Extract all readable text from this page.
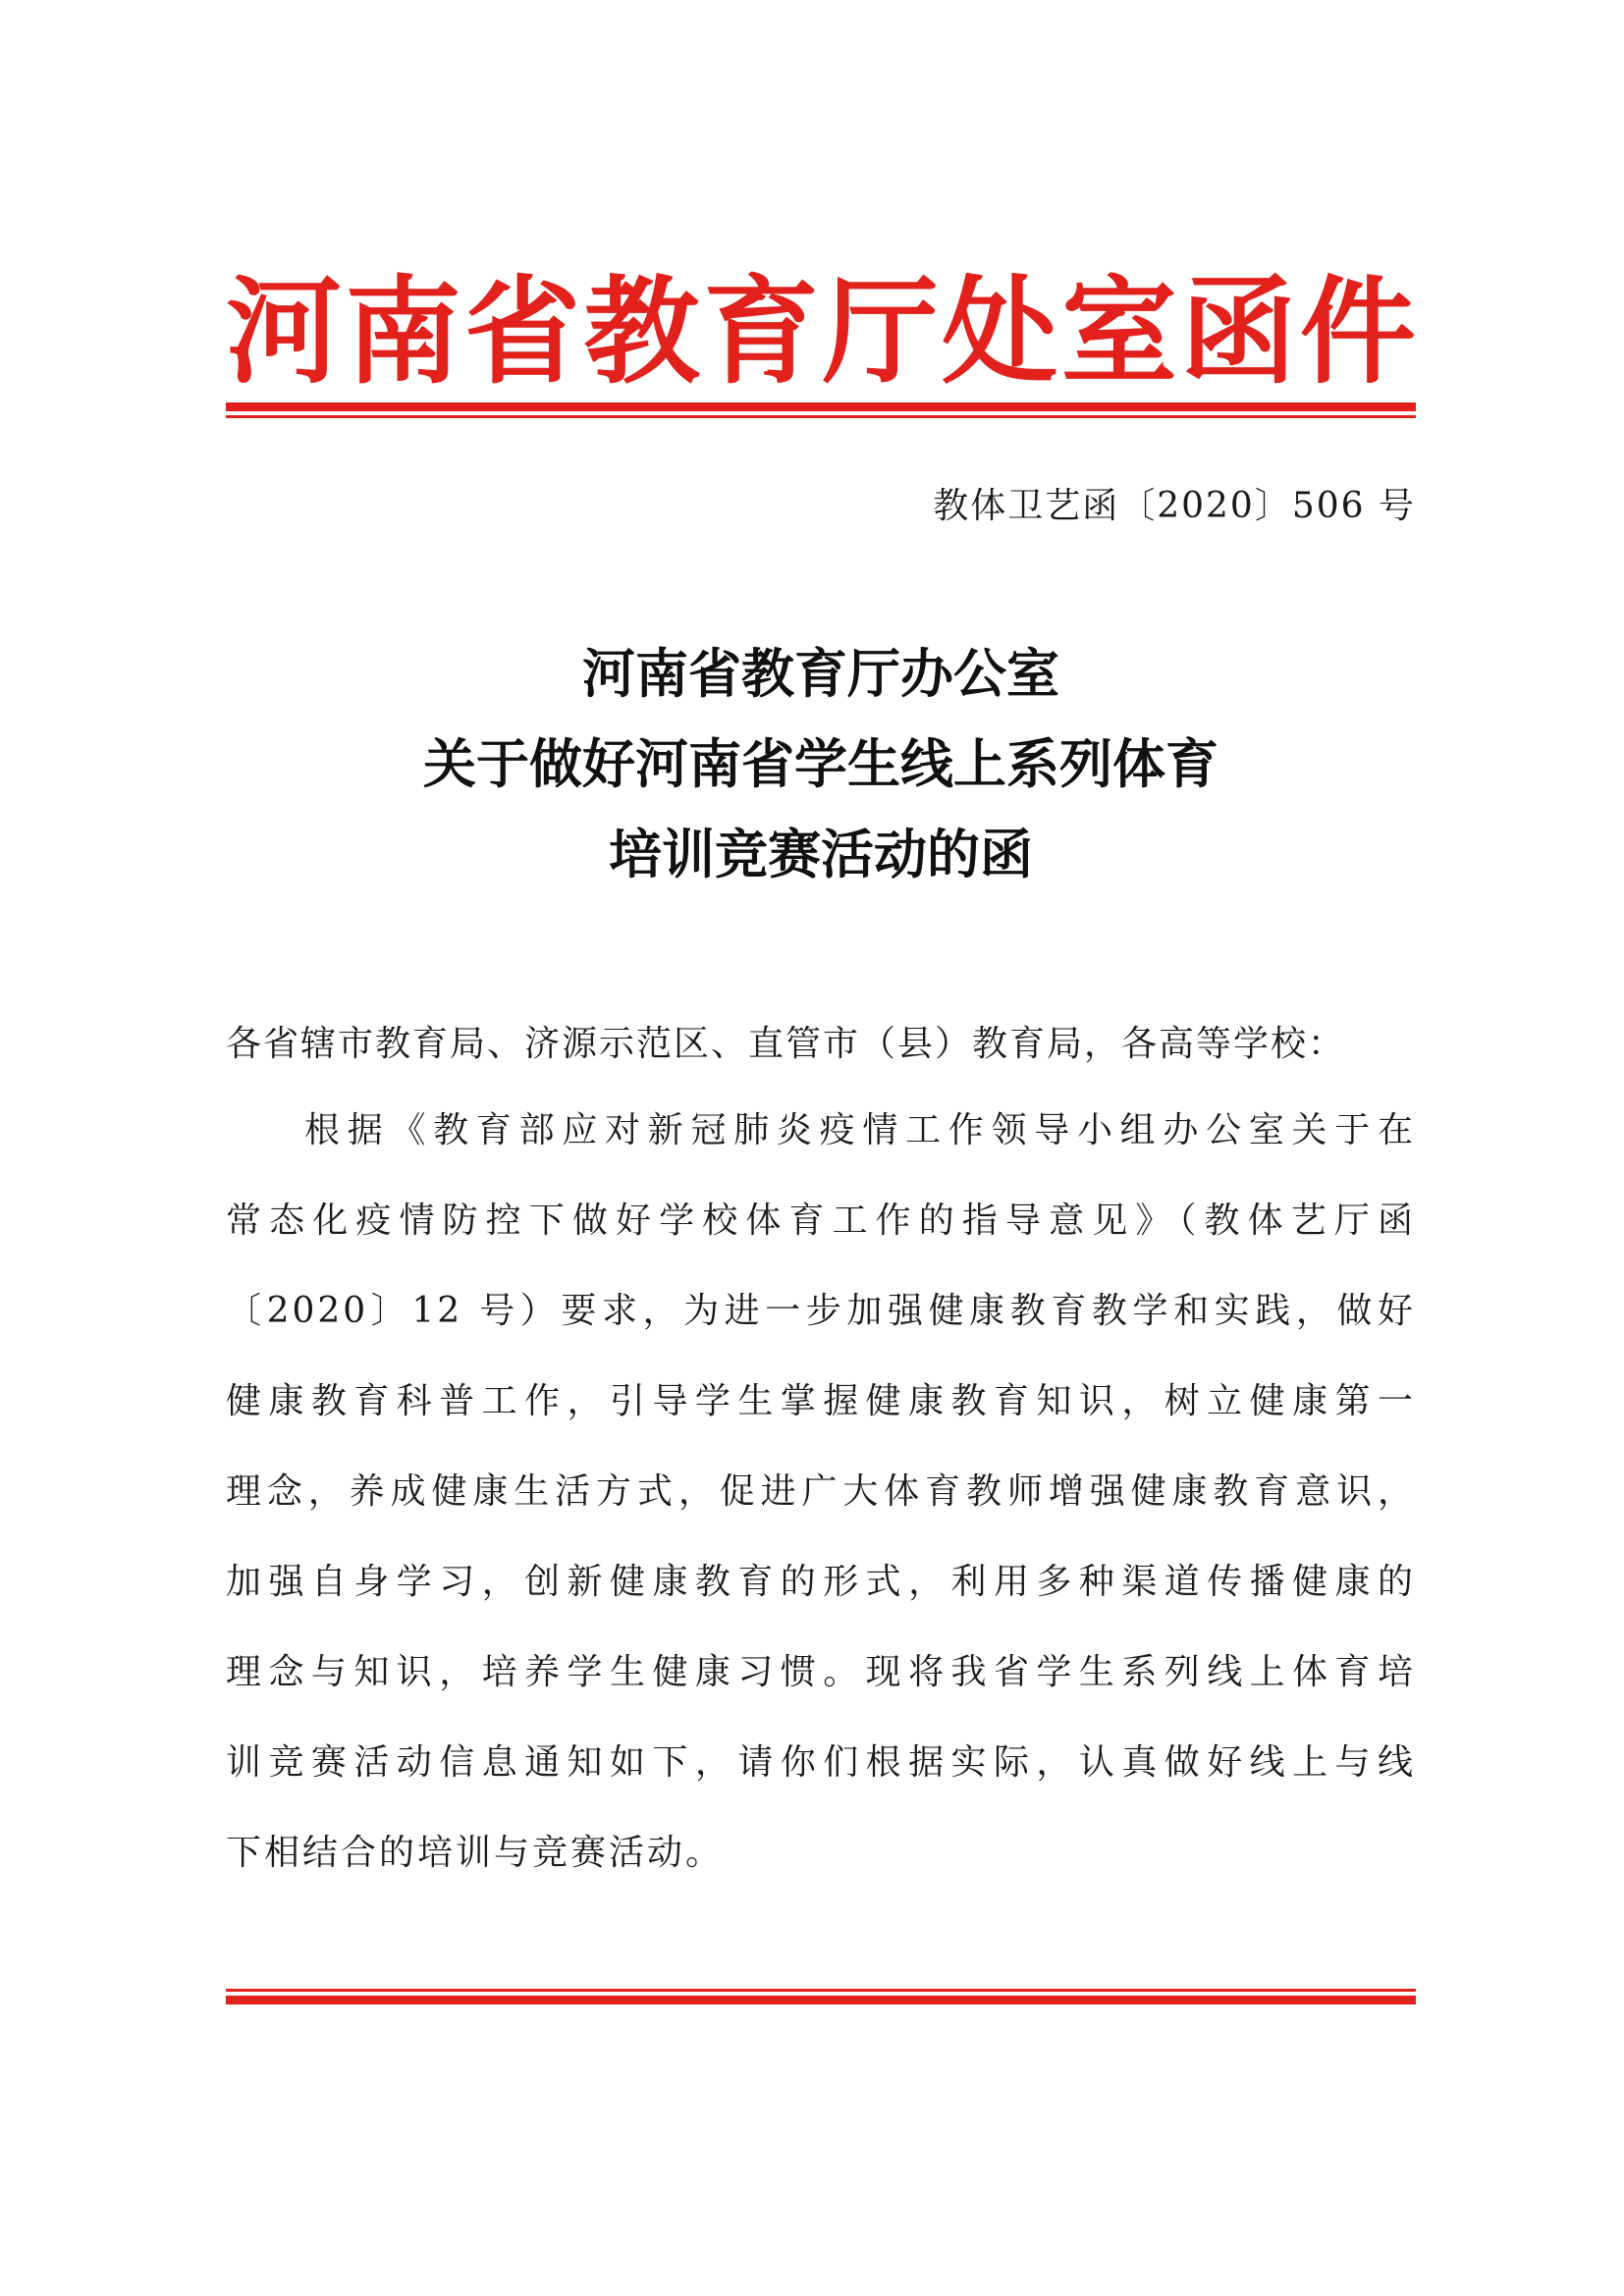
河 南 省 教 育 厅 处 室 函 件
教体卫艺函〔2020〕506 号
河南省教育厅办公室
关于做好河南省学生线上系列体育
培训竞赛活动的函
各省辖市教育局、济源示范区、直管市（县）教育局，各高等学校：
根据《教育部应对新冠肺炎疫情工作领导小组办公室关于在
常态化疫情防控下做好学校体育工作的指导意见》（教体艺厅函
〔2020〕12 号）要求，为进一步加强健康教育教学和实践，做好
健康教育科普工作，引导学生掌握健康教育知识，树立健康第一
理念，养成健康生活方式，促进广大体育教师增强健康教育意识，
加强自身学习，创新健康教育的形式，利用多种渠道传播健康的
理念与知识，培养学生健康习惯。现将我省学生系列线上体育培
训竞赛活动信息通知如下，请你们根据实际，认真做好线上与线
下相结合的培训与竞赛活动。
